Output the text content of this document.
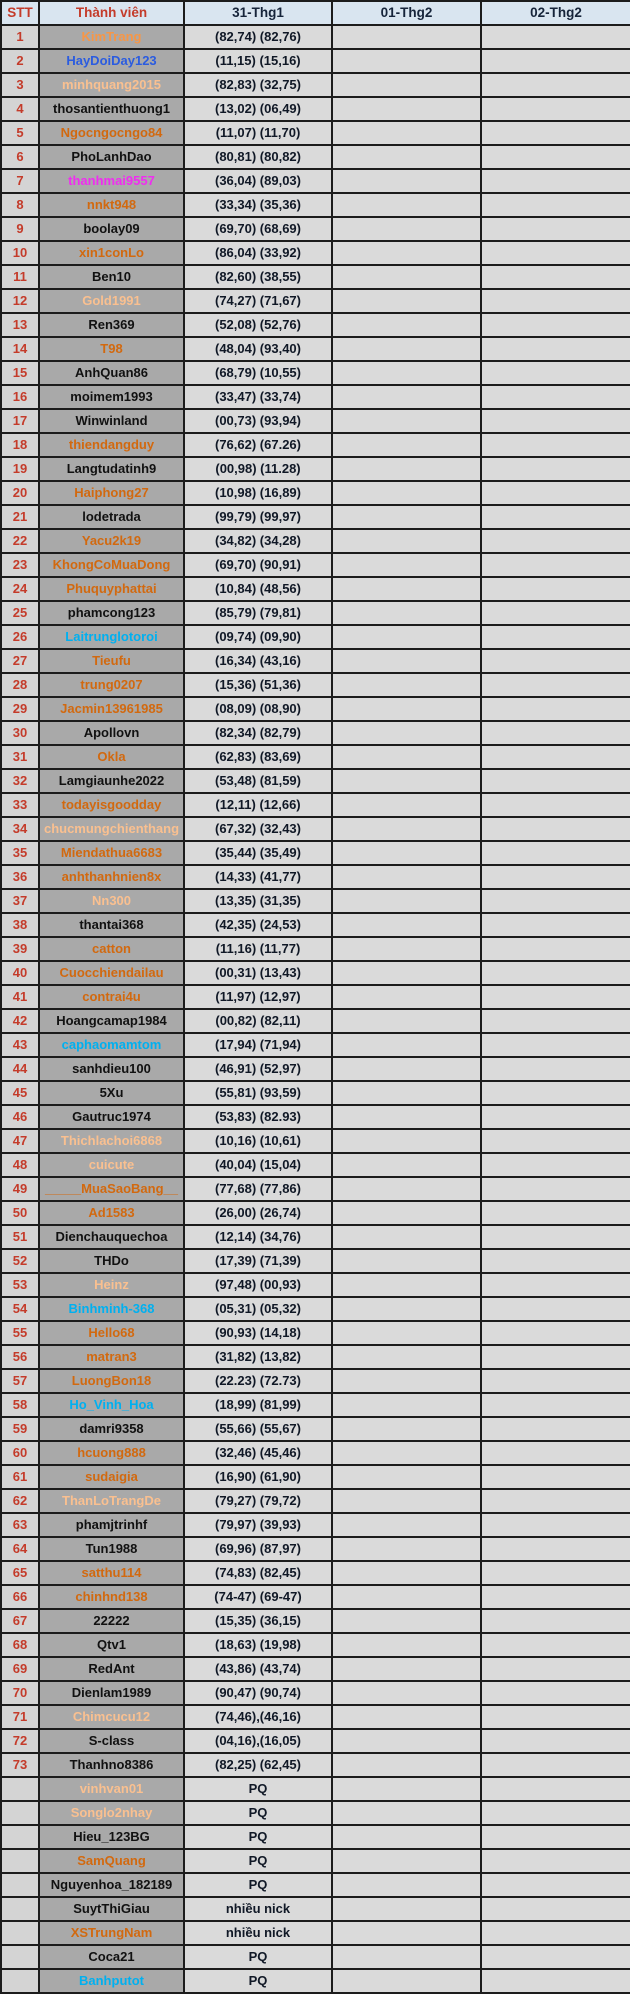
STT	Thành viên	31-Thg1	01-Thg2	02-Thg2
1	KimTrang	(82,74) (82,76)		
2	HayDoiDay123	(11,15) (15,16)		
3	minhquang2015	(82,83) (32,75)		
4	thosantienthuong1	(13,02) (06,49)		
5	Ngocngocngo84	(11,07) (11,70)		
6	PhoLanhDao	(80,81) (80,82)		
7	thanhmai9557	(36,04) (89,03)		
8	nnkt948	(33,34) (35,36)		
9	boolay09	(69,70) (68,69)		
10	xin1conLo	(86,04) (33,92)		
11	Ben10	(82,60) (38,55)		
12	Gold1991	(74,27) (71,67)		
13	Ren369	(52,08) (52,76)		
14	T98	(48,04) (93,40)		
15	AnhQuan86	(68,79) (10,55)		
16	moimem1993	(33,47) (33,74)		
17	Winwinland	(00,73) (93,94)		
18	thiendangduy	(76,62) (67.26)		
19	Langtudatinh9	(00,98) (11.28)		
20	Haiphong27	(10,98) (16,89)		
21	lodetrada	(99,79) (99,97)		
22	Yacu2k19	(34,82) (34,28)		
23	KhongCoMuaDong	(69,70) (90,91)		
24	Phuquyphattai	(10,84) (48,56)		
25	phamcong123	(85,79) (79,81)		
26	Laitrunglotoroi	(09,74) (09,90)		
27	Tieufu	(16,34) (43,16)		
28	trung0207	(15,36) (51,36)		
29	Jacmin13961985	(08,09) (08,90)		
30	Apollovn	(82,34) (82,79)		
31	Okla	(62,83) (83,69)		
32	Lamgiaunhe2022	(53,48) (81,59)		
33	todayisgoodday	(12,11) (12,66)		
34	chucmungchienthang	(67,32) (32,43)		
35	Miendathua6683	(35,44) (35,49)		
36	anhthanhnien8x	(14,33) (41,77)		
37	Nn300	(13,35) (31,35)		
38	thantai368	(42,35) (24,53)		
39	catton	(11,16) (11,77)		
40	Cuocchiendailau	(00,31) (13,43)		
41	contrai4u	(11,97) (12,97)		
42	Hoangcamap1984	(00,82) (82,11)		
43	caphaomamtom	(17,94) (71,94)		
44	sanhdieu100	(46,91) (52,97)		
45	5Xu	(55,81) (93,59)		
46	Gautruc1974	(53,83) (82.93)		
47	Thichlachoi6868	(10,16) (10,61)		
48	cuicute	(40,04) (15,04)		
49	_____MuaSaoBang__	(77,68) (77,86)		
50	Ad1583	(26,00) (26,74)		
51	Dienchauquechoa	(12,14) (34,76)		
52	THDo	(17,39) (71,39)		
53	Heinz	(97,48) (00,93)		
54	Binhminh-368	(05,31) (05,32)		
55	Hello68	(90,93) (14,18)		
56	matran3	(31,82) (13,82)		
57	LuongBon18	(22.23) (72.73)		
58	Ho_Vinh_Hoa	(18,99) (81,99)		
59	damri9358	(55,66) (55,67)		
60	hcuong888	(32,46) (45,46)		
61	sudaigia	(16,90) (61,90)		
62	ThanLoTrangDe	(79,27) (79,72)		
63	phamjtrinhf	(79,97) (39,93)		
64	Tun1988	(69,96) (87,97)		
65	satthu114	(74,83) (82,45)		
66	chinhnd138	(74-47) (69-47)		
67	22222	(15,35) (36,15)		
68	Qtv1	(18,63) (19,98)		
69	RedAnt	(43,86) (43,74)		
70	Dienlam1989	(90,47) (90,74)		
71	Chimcucu12	(74,46),(46,16)		
72	S-class	(04,16),(16,05)		
73	Thanhno8386	(82,25) (62,45)		
	vinhvan01	PQ		
	Songlo2nhay	PQ		
	Hieu_123BG	PQ		
	SamQuang	PQ		
	Nguyenhoa_182189	PQ		
	SuytThiGiau	nhiều nick		
	XSTrungNam	nhiều nick		
	Coca21	PQ		
	Banhputot	PQ		
